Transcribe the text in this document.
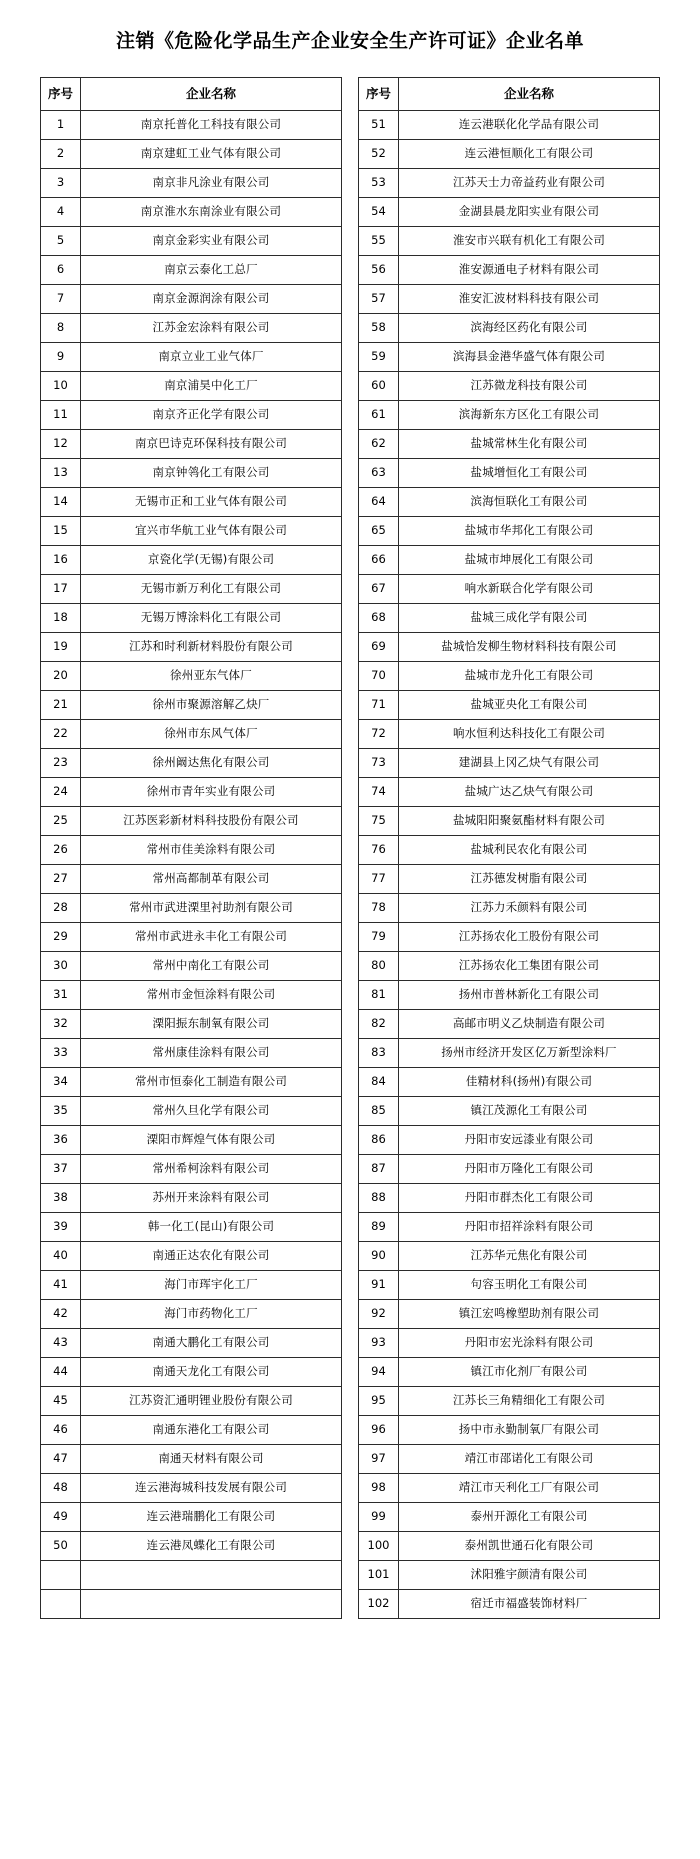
注销《危险化学品生产企业安全生产许可证》企业名单
序号	企业名称
1	南京托普化工科技有限公司
2	南京建虹工业气体有限公司
3	南京非凡涂业有限公司
4	南京淮水东南涂业有限公司
5	南京金彩实业有限公司
6	南京云泰化工总厂
7	南京金源润涂有限公司
8	江苏金宏涂料有限公司
9	南京立业工业气体厂
10	南京浦昊中化工厂
11	南京齐正化学有限公司
12	南京巴诗克环保科技有限公司
13	南京钟鸰化工有限公司
14	无锡市正和工业气体有限公司
15	宜兴市华航工业气体有限公司
16	京瓷化学(无锡)有限公司
17	无锡市新万利化工有限公司
18	无锡万博涂料化工有限公司
19	江苏和时利新材料股份有限公司
20	徐州亚东气体厂
21	徐州市聚源溶解乙炔厂
22	徐州市东风气体厂
23	徐州阚达焦化有限公司
24	徐州市青年实业有限公司
25	江苏医彩新材料科技股份有限公司
26	常州市佳美涂料有限公司
27	常州高都制革有限公司
28	常州市武进溧里衬助剂有限公司
29	常州市武进永丰化工有限公司
30	常州中南化工有限公司
31	常州市金恒涂料有限公司
32	溧阳振东制氧有限公司
33	常州康佳涂料有限公司
34	常州市恒泰化工制造有限公司
35	常州久旦化学有限公司
36	溧阳市辉煌气体有限公司
37	常州希柯涂料有限公司
38	苏州开来涂料有限公司
39	韩一化工(昆山)有限公司
40	南通正达农化有限公司
41	海门市珲宇化工厂
42	海门市药物化工厂
43	南通大鹏化工有限公司
44	南通天龙化工有限公司
45	江苏资汇通明锂业股份有限公司
46	南通东港化工有限公司
47	南通天材料有限公司
48	连云港海城科技发展有限公司
49	连云港瑞鹏化工有限公司
50	连云港凤蝶化工有限公司

序号	企业名称
51	连云港联化化学品有限公司
52	连云港恒顺化工有限公司
53	江苏天士力帝益药业有限公司
54	金湖县晨龙阳实业有限公司
55	淮安市兴联有机化工有限公司
56	淮安源通电子材料有限公司
57	淮安汇波材料科技有限公司
58	滨海经区药化有限公司
59	滨海县金港华盛气体有限公司
60	江苏微龙科技有限公司
61	滨海新东方区化工有限公司
62	盐城常林生化有限公司
63	盐城增恒化工有限公司
64	滨海恒联化工有限公司
65	盐城市华邦化工有限公司
66	盐城市坤展化工有限公司
67	响水新联合化学有限公司
68	盐城三成化学有限公司
69	盐城恰发柳生物材料科技有限公司
70	盐城市龙升化工有限公司
71	盐城亚央化工有限公司
72	响水恒利达科技化工有限公司
73	建湖县上冈乙炔气有限公司
74	盐城广达乙炔气有限公司
75	盐城阳阳聚氨酯材料有限公司
76	盐城利民农化有限公司
77	江苏德发树脂有限公司
78	江苏力禾颜料有限公司
79	江苏扬农化工股份有限公司
80	江苏扬农化工集团有限公司
81	扬州市普林新化工有限公司
82	高邮市明义乙炔制造有限公司
83	扬州市经济开发区亿万新型涂料厂
84	佳精材科(扬州)有限公司
85	镇江茂源化工有限公司
86	丹阳市安远漆业有限公司
87	丹阳市万隆化工有限公司
88	丹阳市群杰化工有限公司
89	丹阳市招祥涂料有限公司
90	江苏华元焦化有限公司
91	句容玉明化工有限公司
92	镇江宏鸣橡塑助剂有限公司
93	丹阳市宏光涂料有限公司
94	镇江市化剂厂有限公司
95	江苏长三角精细化工有限公司
96	扬中市永勤制氧厂有限公司
97	靖江市邵诺化工有限公司
98	靖江市天利化工厂有限公司
99	泰州开源化工有限公司
100	泰州凯世通石化有限公司
101	沭阳雅宇颜清有限公司
102	宿迁市福盛装饰材料厂
